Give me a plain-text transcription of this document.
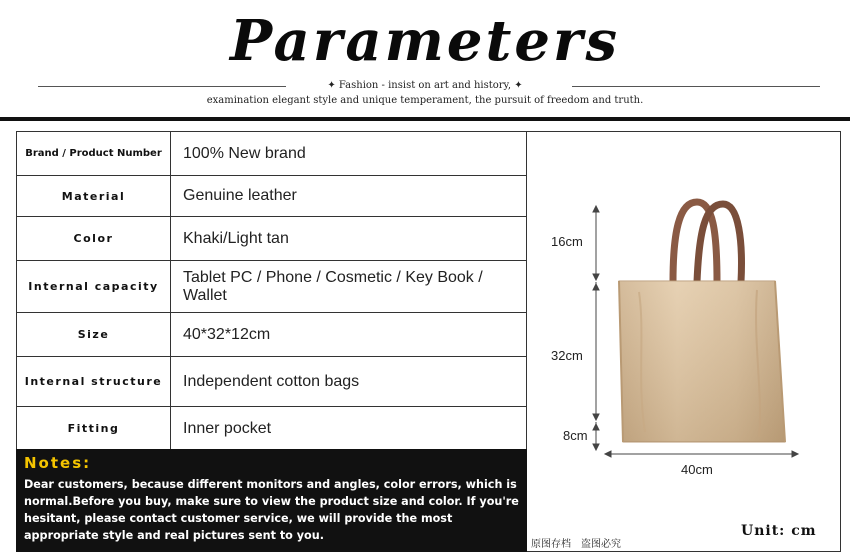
Parameters
✦ Fashion - insist on art and history, ✦
examination elegant style and unique temperament, the pursuit of freedom and truth.
Brand / Product Number	100% New brand
Material	Genuine leather
Color	Khaki/Light tan
Internal capacity	Tablet PC / Phone / Cosmetic / Key Book / Wallet
Size	40*32*12cm
Internal structure	Independent cotton bags
Fitting	Inner pocket
Notes:
Dear customers, because different monitors and angles, color errors, which is normal.Before you buy, make sure to view the product size and color. If you're hesitant, please contact customer service, we will provide the most appropriate style and real pictures sent to you.
16cm
32cm
8cm
40cm
原图存档　盗图必究
Unit: cm
